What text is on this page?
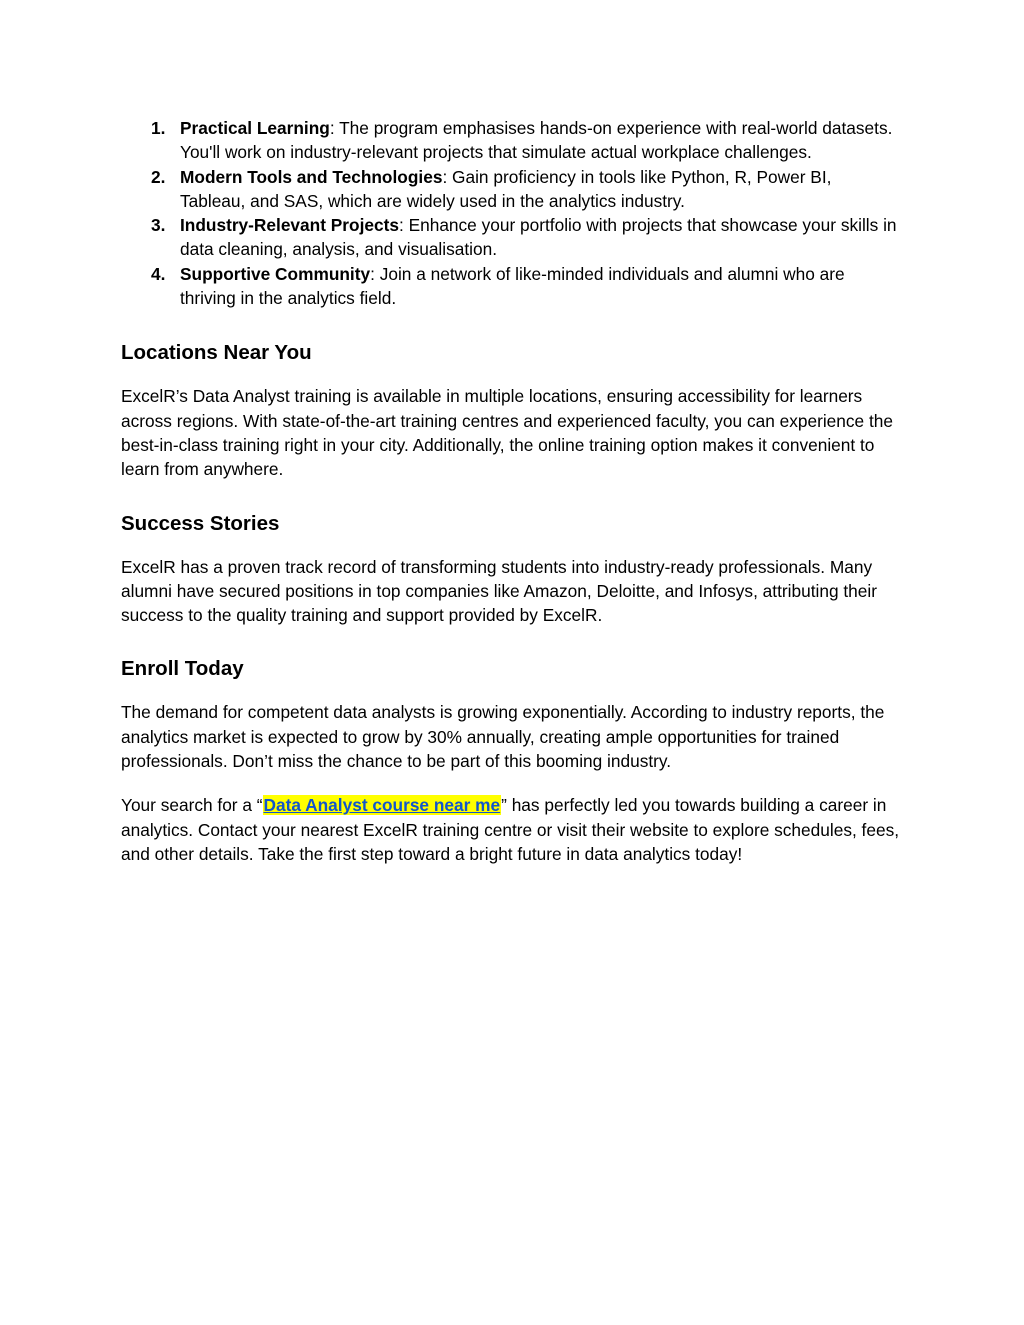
1. Practical Learning: The program emphasises hands-on experience with real-world datasets. You'll work on industry-relevant projects that simulate actual workplace challenges.
2. Modern Tools and Technologies: Gain proficiency in tools like Python, R, Power BI, Tableau, and SAS, which are widely used in the analytics industry.
3. Industry-Relevant Projects: Enhance your portfolio with projects that showcase your skills in data cleaning, analysis, and visualisation.
4. Supportive Community: Join a network of like-minded individuals and alumni who are thriving in the analytics field.
Locations Near You

ExcelR’s Data Analyst training is available in multiple locations, ensuring accessibility for learners across regions. With state-of-the-art training centres and experienced faculty, you can experience the best-in-class training right in your city. Additionally, the online training option makes it convenient to learn from anywhere.

Success Stories

ExcelR has a proven track record of transforming students into industry-ready professionals. Many alumni have secured positions in top companies like Amazon, Deloitte, and Infosys, attributing their success to the quality training and support provided by ExcelR.

Enroll Today

The demand for competent data analysts is growing exponentially. According to industry reports, the analytics market is expected to grow by 30% annually, creating ample opportunities for trained professionals. Don’t miss the chance to be part of this booming industry.

Your search for a “Data Analyst course near me” has perfectly led you towards building a career in analytics. Contact your nearest ExcelR training centre or visit their website to explore schedules, fees, and other details. Take the first step toward a bright future in data analytics today!
